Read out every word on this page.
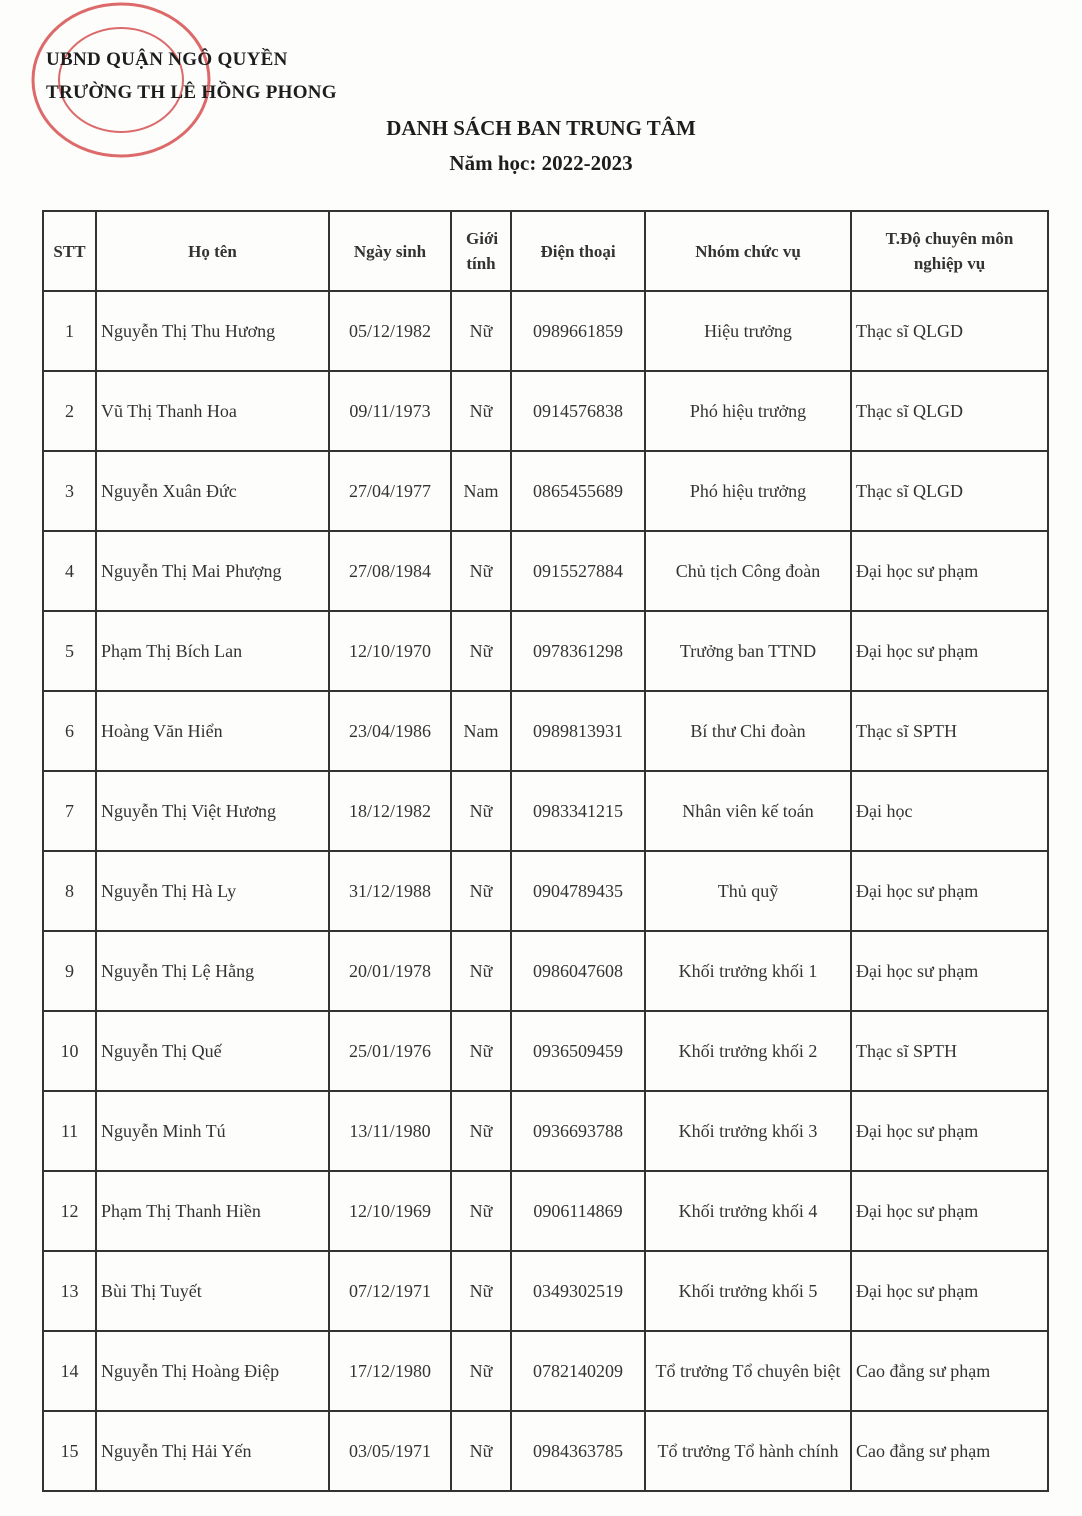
UBND QUẬN NGÔ QUYỀN
TRƯỜNG TH LÊ HỒNG PHONG
DANH SÁCH BAN TRUNG TÂM
Năm học: 2022-2023
STT	Họ tên	Ngày sinh	Giới tính	Điện thoại	Nhóm chức vụ	T.Độ chuyên môn nghiệp vụ
1	Nguyễn Thị Thu Hương	05/12/1982	Nữ	0989661859	Hiệu trưởng	Thạc sĩ QLGD
2	Vũ Thị Thanh Hoa	09/11/1973	Nữ	0914576838	Phó hiệu trưởng	Thạc sĩ QLGD
3	Nguyễn Xuân Đức	27/04/1977	Nam	0865455689	Phó hiệu trưởng	Thạc sĩ QLGD
4	Nguyễn Thị Mai Phượng	27/08/1984	Nữ	0915527884	Chủ tịch Công đoàn	Đại học sư phạm
5	Phạm Thị Bích Lan	12/10/1970	Nữ	0978361298	Trưởng ban TTND	Đại học sư phạm
6	Hoàng Văn Hiển	23/04/1986	Nam	0989813931	Bí thư Chi đoàn	Thạc sĩ SPTH
7	Nguyễn Thị Việt Hương	18/12/1982	Nữ	0983341215	Nhân viên kế toán	Đại học
8	Nguyễn Thị Hà Ly	31/12/1988	Nữ	0904789435	Thủ quỹ	Đại học sư phạm
9	Nguyễn Thị Lệ Hằng	20/01/1978	Nữ	0986047608	Khối trưởng khối 1	Đại học sư phạm
10	Nguyễn Thị Quế	25/01/1976	Nữ	0936509459	Khối trưởng khối 2	Thạc sĩ SPTH
11	Nguyễn Minh Tú	13/11/1980	Nữ	0936693788	Khối trưởng khối 3	Đại học sư phạm
12	Phạm Thị Thanh Hiền	12/10/1969	Nữ	0906114869	Khối trưởng khối 4	Đại học sư phạm
13	Bùi Thị Tuyết	07/12/1971	Nữ	0349302519	Khối trưởng khối 5	Đại học sư phạm
14	Nguyễn Thị Hoàng Điệp	17/12/1980	Nữ	0782140209	Tổ trưởng Tổ chuyên biệt	Cao đẳng sư phạm
15	Nguyễn Thị Hải Yến	03/05/1971	Nữ	0984363785	Tổ trưởng Tổ hành chính	Cao đẳng sư phạm
